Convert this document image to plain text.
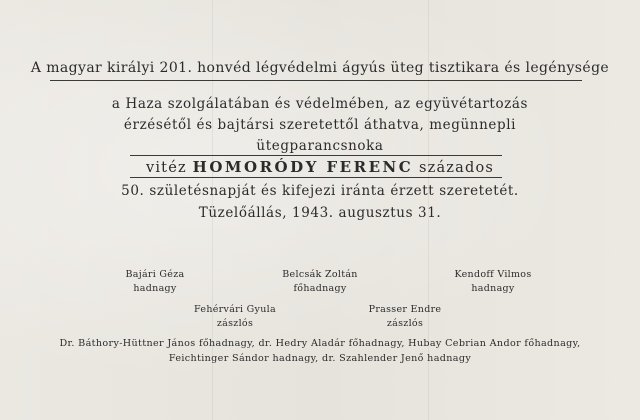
A magyar királyi 201. honvéd légvédelmi ágyús üteg tisztikara és legénysége
a Haza szolgálatában és védelmében, az együvétartozás
érzésétől és bajtársi szeretettől áthatva, megünnepli
ütegparancsnoka
vitéz HOMORÓDY FERENC százados
50. születésnapját és kifejezi iránta érzett szeretetét.
Tüzelőállás, 1943. augusztus 31.
Bajári Géza
hadnagy
Belcsák Zoltán
főhadnagy
Kendoff Vilmos
hadnagy
Fehérvári Gyula
zászlós
Prasser Endre
zászlós
Dr. Báthory-Hüttner János főhadnagy, dr. Hedry Aladár főhadnagy, Hubay Cebrian Andor főhadnagy,
Feichtinger Sándor hadnagy, dr. Szahlender Jenő hadnagy
